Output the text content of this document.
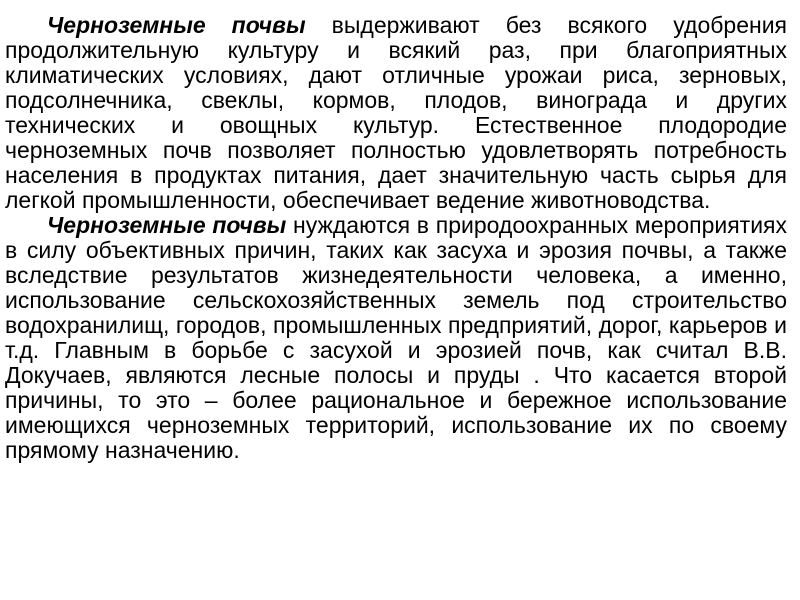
Черноземные почвы выдерживают без всякого удобрения продолжительную культуру и всякий раз, при благоприятных климатических условиях, дают отличные урожаи риса, зерновых, подсолнечника, свеклы, кормов, плодов, винограда и других технических и овощных культур. Естественное плодородие черноземных почв позволяет полностью удовлетворять потребность населения в продуктах питания, дает значительную часть сырья для легкой промышленности, обеспечивает ведение животноводства.

Черноземные почвы нуждаются в природоохранных мероприятиях в силу объективных причин, таких как засуха и эрозия почвы, а также вследствие результатов жизнедеятельности человека, а именно, использование сельскохозяйственных земель под строительство водохранилищ, городов, промышленных предприятий, дорог, карьеров и т.д. Главным в борьбе с засухой и эрозией почв, как считал В.В. Докучаев, являются лесные полосы и пруды . Что касается второй причины, то это – более рациональное и бережное использование имеющихся черноземных территорий, использование их по своему прямому назначению.
